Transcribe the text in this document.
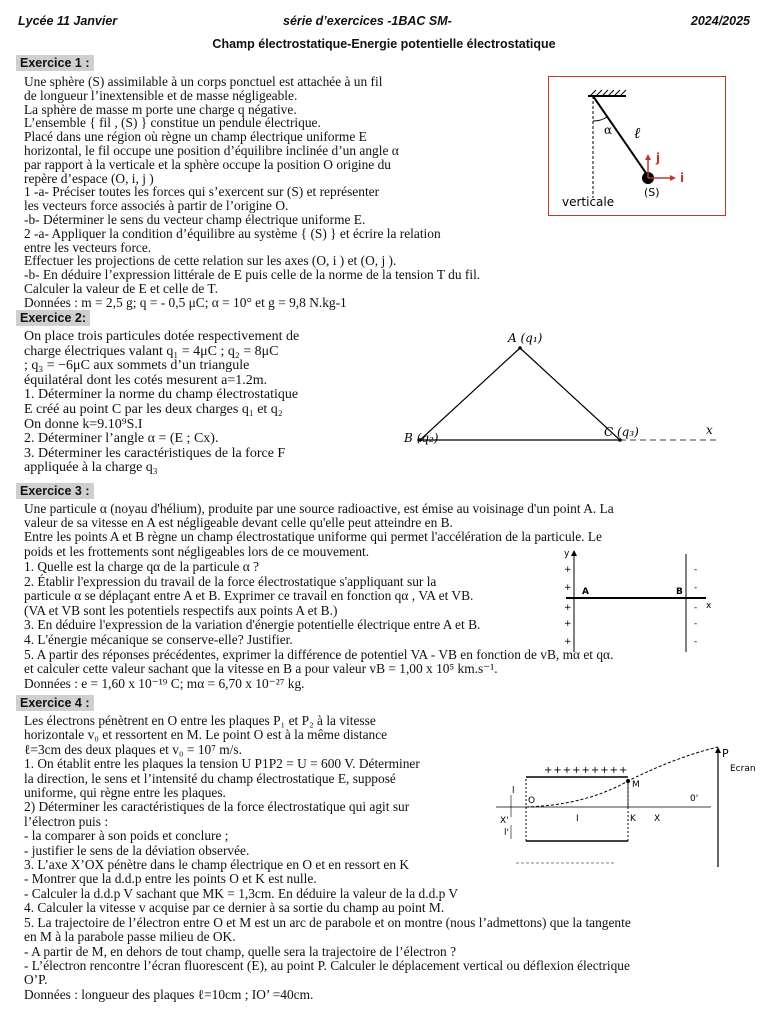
Lycée 11 Janvier	série d’exercices -1BAC SM-	2024/2025
Champ électrostatique-Energie potentielle électrostatique
Exercice 1 :
Une sphère (S) assimilable à un corps ponctuel est attachée à un fil
de longueur l’inextensible et de masse négligeable.
La sphère de masse m porte une charge q négative.
L’ensemble { fil , (S) } constitue un pendule électrique.
Placé dans une région où règne un champ électrique uniforme E
horizontal, le fil occupe une position d’équilibre inclinée d’un angle α
par rapport à la verticale et la sphère occupe la position O origine du
repère d’espace (O, i, j )
1 -a- Préciser toutes les forces qui s’exercent sur (S) et représenter
les vecteurs force associés à partir de l’origine O.
-b- Déterminer le sens du vecteur champ électrique uniforme E.
2 -a- Appliquer la condition d’équilibre au système { (S) } et écrire la relation
entre les vecteurs force.
Effectuer les projections de cette relation sur les axes (O, i ) et (O, j ).
-b- En déduire l’expression littérale de E puis celle de la norme de la tension T du fil.
Calculer la valeur de E et celle de T.
Données : m = 2,5 g; q = - 0,5 μC; α = 10° et g = 9,8 N.kg-1
α ℓ
j
i
(S)
verticale
Exercice 2:
On place trois particules dotée respectivement de
charge électriques valant q₁ = 4μC ; q₂ = 8μC
; q₃ = −6μC aux sommets d’un triangule
équilatéral dont les cotés mesurent a=1.2m.
1. Déterminer la norme du champ électrostatique
E créé au point C par les deux charges q₁ et q₂
On donne k=9.10⁹S.I
2. Déterminer l’angle α = (E ; Cx).
3. Déterminer les caractéristiques de la force F
appliquée à la charge q₃
A (q₁)
B (q₂)	C (q₃)	x
Exercice 3 :
Une particule α (noyau d'hélium), produite par une source radioactive, est émise au voisinage d'un point A. La
valeur de sa vitesse en A est négligeable devant celle qu'elle peut atteindre en B.
Entre les points A et B règne un champ électrostatique uniforme qui permet l'accélération de la particule. Le
poids et les frottements sont négligeables lors de ce mouvement.
1. Quelle est la charge qα de la particule α ?
2. Établir l'expression du travail de la force électrostatique s'appliquant sur la
particule α se déplaçant entre A et B. Exprimer ce travail en fonction qα , VA et VB.
(VA et VB sont les potentiels respectifs aux points A et B.)
3. En déduire l'expression de la variation d'énergie potentielle électrique entre A et B.
4. L'énergie mécanique se conserve-elle? Justifier.
5. A partir des réponses précédentes, exprimer la différence de potentiel VA - VB en fonction de vB, mα et qα.
et calculer cette valeur sachant que la vitesse en B a pour valeur vB = 1,00 x 10⁵ km.s⁻¹.
Données : e = 1,60 x 10⁻¹⁹ C; mα = 6,70 x 10⁻²⁷ kg.
y
x
A	B
+
+
+
+
+
-
-
-
-
-
Exercice 4 :
Les électrons pénètrent en O entre les plaques P₁ et P₂ à la vitesse
horizontale v₀ et ressortent en M. Le point O est à la même distance
ℓ=3cm des deux plaques et v₀ = 10⁷ m/s.
1. On établit entre les plaques la tension U P1P2 = U = 600 V. Déterminer
la direction, le sens et l’intensité du champ électrostatique E, supposé
uniforme, qui règne entre les plaques.
2) Déterminer les caractéristiques de la force électrostatique qui agit sur
l’électron puis :
- la comparer à son poids et conclure ;
- justifier le sens de la déviation observée.
3. L’axe X’OX pénètre dans le champ électrique en O et en ressort en K
- Montrer que la d.d.p entre les points O et K est nulle.
- Calculer la d.d.p V sachant que MK = 1,3cm. En déduire la valeur de la d.d.p V
4. Calculer la vitesse v acquise par ce dernier à sa sortie du champ au point M.
5. La trajectoire de l’électron entre O et M est un arc de parabole et on montre (nous l’admettons) que la tangente
en M à la parabole passe milieu de OK.
- A partir de M, en dehors de tout champ, quelle sera la trajectoire de l’électron ?
- L’électron rencontre l’écran fluorescent (E), au point P. Calculer le déplacement vertical ou déflexion électrique
O’P.
Données : longueur des plaques ℓ=10cm ; IO’ =40cm.
P
Ecran
+++++++++
l
O
M
0'
X'	I	K X
l'
